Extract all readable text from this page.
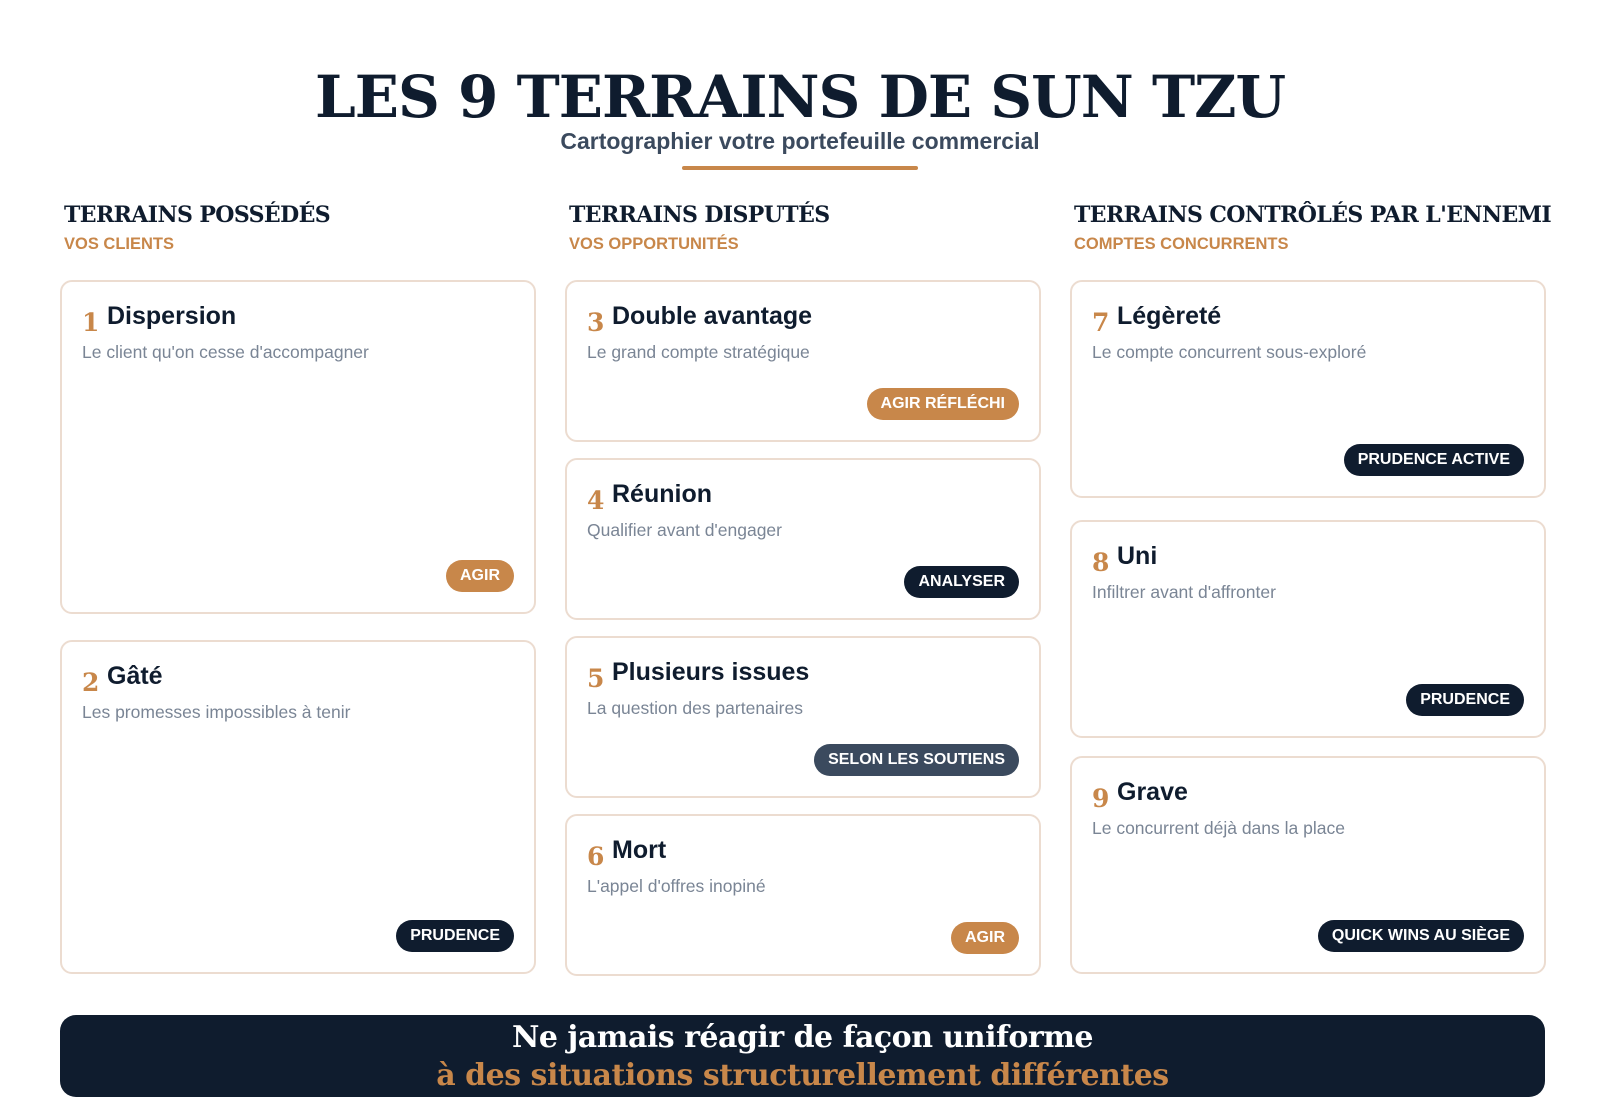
LES 9 TERRAINS DE SUN TZU
Cartographier votre portefeuille commercial
TERRAINS POSSÉDÉS
VOS CLIENTS
1 Dispersion
Le client qu'on cesse d'accompagner
AGIR
2 Gâté
Les promesses impossibles à tenir
PRUDENCE
TERRAINS DISPUTÉS
VOS OPPORTUNITÉS
3 Double avantage
Le grand compte stratégique
AGIR RÉFLÉCHI
4 Réunion
Qualifier avant d'engager
ANALYSER
5 Plusieurs issues
La question des partenaires
SELON LES SOUTIENS
6 Mort
L'appel d'offres inopiné
AGIR
TERRAINS CONTRÔLÉS PAR L'ENNEMI
COMPTES CONCURRENTS
7 Légèreté
Le compte concurrent sous-exploré
PRUDENCE ACTIVE
8 Uni
Infiltrer avant d'affronter
PRUDENCE
9 Grave
Le concurrent déjà dans la place
QUICK WINS AU SIÈGE
Ne jamais réagir de façon uniforme
à des situations structurellement différentes
